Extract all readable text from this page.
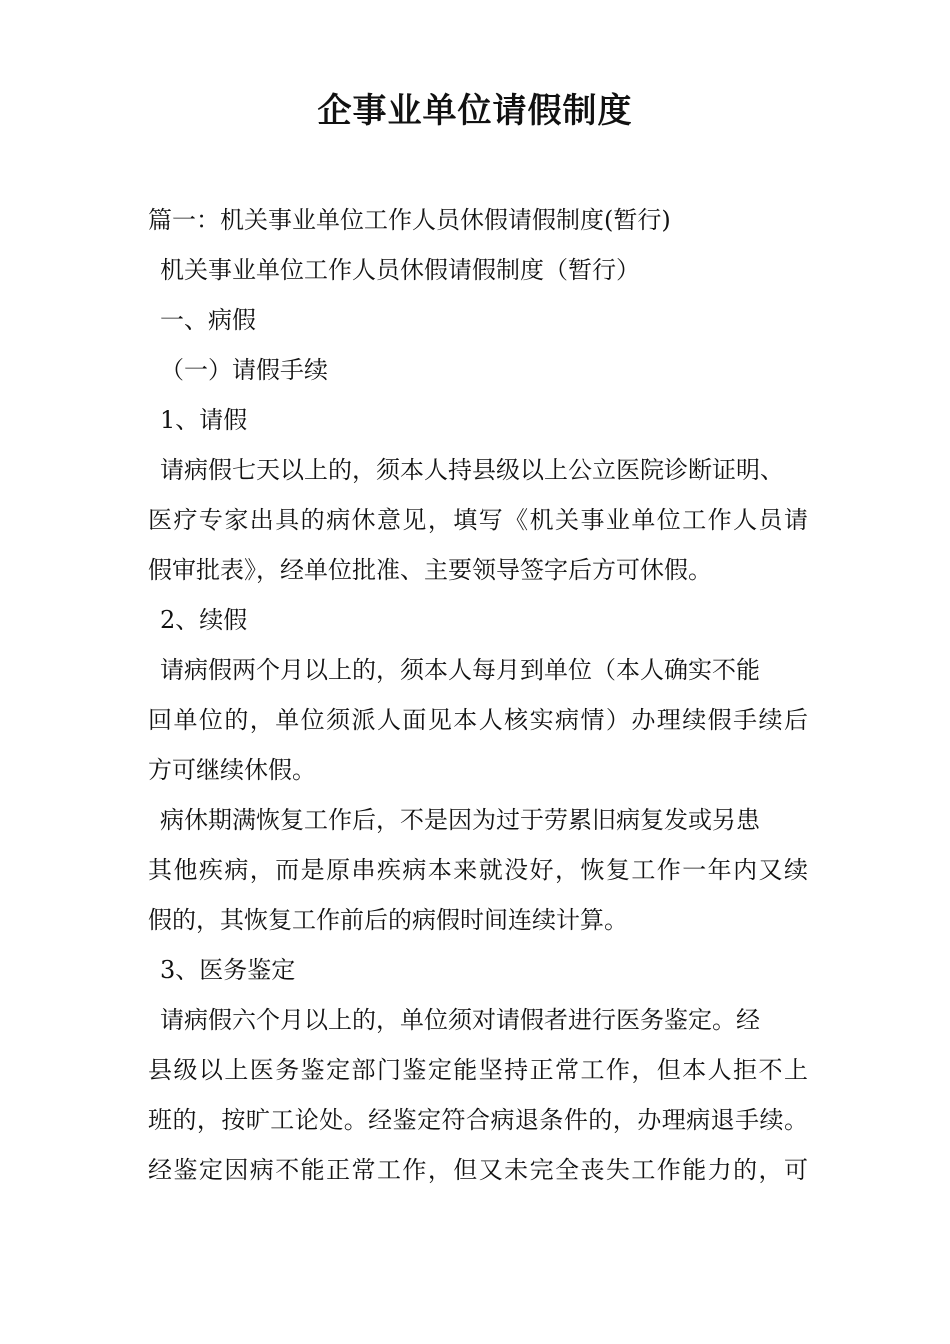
企事业单位请假制度
篇一：机关事业单位工作人员休假请假制度(暂行)
机关事业单位工作人员休假请假制度（暂行）
一、病假
（一）请假手续
1、请假
请病假七天以上的，须本人持县级以上公立医院诊断证明、
医疗专家出具的病休意见，填写《机关事业单位工作人员请
假审批表》，经单位批准、主要领导签字后方可休假。
2、续假
请病假两个月以上的，须本人每月到单位（本人确实不能
回单位的，单位须派人面见本人核实病情）办理续假手续后
方可继续休假。
病休期满恢复工作后，不是因为过于劳累旧病复发或另患
其他疾病，而是原串疾病本来就没好，恢复工作一年内又续
假的，其恢复工作前后的病假时间连续计算。
3、医务鉴定
请病假六个月以上的，单位须对请假者进行医务鉴定。经
县级以上医务鉴定部门鉴定能坚持正常工作，但本人拒不上
班的，按旷工论处。经鉴定符合病退条件的，办理病退手续。
经鉴定因病不能正常工作，但又未完全丧失工作能力的，可
